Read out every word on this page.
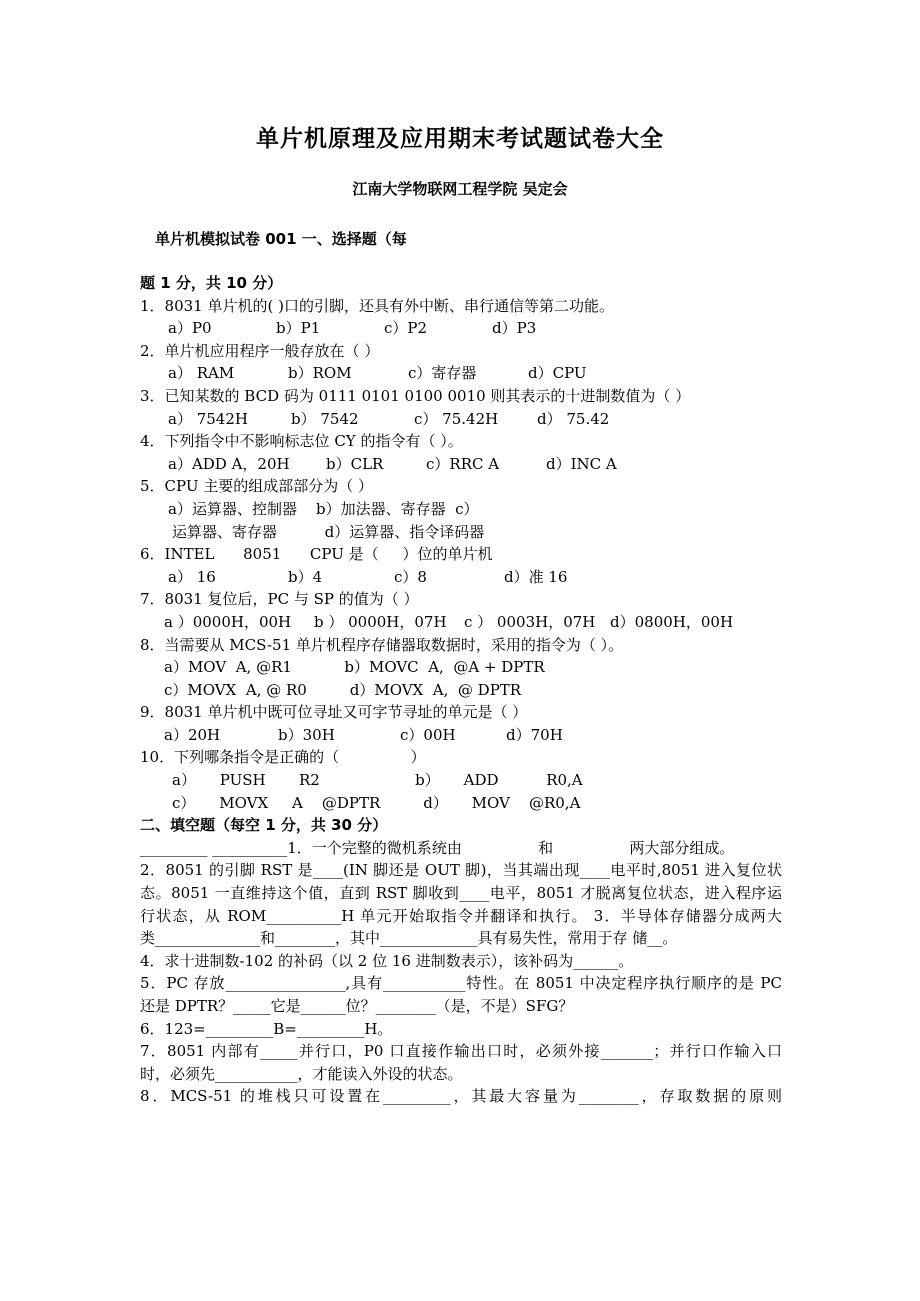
单片机原理及应用期末考试题试卷大全
江南大学物联网工程学院 吴定会
单片机模拟试卷 001 一、选择题（每
题 1 分，共 10 分）
1．8031 单片机的( )口的引脚，还具有外中断、串行通信等第二功能。
a）P0	b）P1	c）P2	d）P3
2．单片机应用程序一般存放在（ ）
a） RAM	b）ROM	c）寄存器	d）CPU
3．已知某数的 BCD 码为 0111 0101 0100 0010 则其表示的十进制数值为（ ）
a） 7542H	b） 7542	c） 75.42H	d） 75.42
4．下列指令中不影响标志位 CY 的指令有（ ）。
a）ADD A，20H b）CLR	c）RRC A	d）INC A
5．CPU 主要的组成部部分为（ ）
a）运算器、控制器    b）加法器、寄存器  c）
运算器、寄存器          d）运算器、指令译码器
6．INTEL      8051      CPU 是（     ）位的单片机
a） 16	b）4	c）8	d）准 16
7．8031 复位后，PC 与 SP 的值为（ ）
a ）0000H，00H b ） 0000H，07H c ） 0003H，07H d）0800H，00H
8．当需要从 MCS-51 单片机程序存储器取数据时，采用的指令为（ ）。
a）MOV  A, @R1           b）MOVC  A,  @A + DPTR
c）MOVX  A, @ R0         d）MOVX  A,  @ DPTR
9．8031 单片机中既可位寻址又可字节寻址的单元是（ ）
a）20H	b）30H	c）00H	d）70H
10．下列哪条指令是正确的（               ）
a）     PUSH       R2                    b）     ADD          R0,A
c）     MOVX     A    @DPTR         d）     MOV    @R0,A
二、填空题（每空 1 分，共 30 分）
_________ __________1．一个完整的微机系统由                和                两大部分组成。
2．8051 的引脚 RST 是____(IN 脚还是 OUT 脚)，当其端出现____电平时,8051 进入复位状
态。8051 一直维持这个值，直到 RST 脚收到____电平，8051 才脱离复位状态，进入程序运
行状态，从 ROM__________H 单元开始取指令并翻译和执行。 3．半导体存储器分成两大
类______________和________，其中_____________具有易失性，常用于存 储__。
4．求十进制数-102 的补码（以 2 位 16 进制数表示），该补码为______。
5．PC 存放________________,具有___________特性。在 8051 中决定程序执行顺序的是 PC
还是 DPTR？_____它是______位？________（是，不是）SFG？
6．123=_________B=_________H。
7．8051 内部有_____并行口，P0 口直接作输出口时，必须外接_______；并行口作输入口
时，必须先___________，才能读入外设的状态。
8．MCS-51 的堆栈只可设置在_________，其最大容量为________，存取数据的原则
